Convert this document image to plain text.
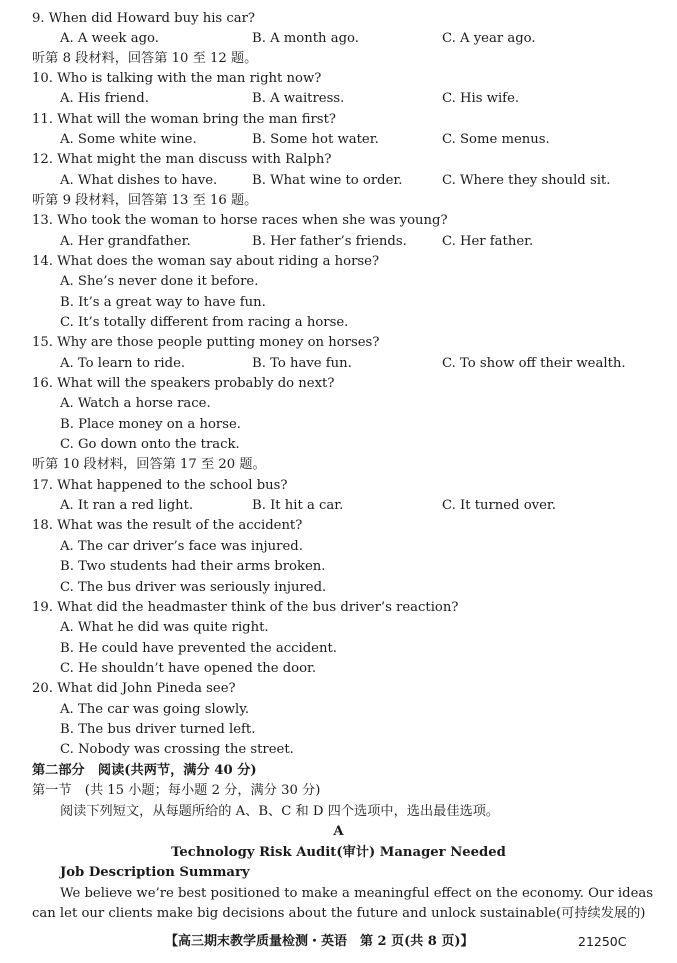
9. When did Howard buy his car?
A. A week ago.	B. A month ago.	C. A year ago.
听第 8 段材料，回答第 10 至 12 题。
10. Who is talking with the man right now?
A. His friend.	B. A waitress.	C. His wife.
11. What will the woman bring the man first?
A. Some white wine.	B. Some hot water.	C. Some menus.
12. What might the man discuss with Ralph?
A. What dishes to have.	B. What wine to order.	C. Where they should sit.
听第 9 段材料，回答第 13 至 16 题。
13. Who took the woman to horse races when she was young?
A. Her grandfather.	B. Her father’s friends.	C. Her father.
14. What does the woman say about riding a horse?
A. She’s never done it before.
B. It’s a great way to have fun.
C. It’s totally different from racing a horse.
15. Why are those people putting money on horses?
A. To learn to ride.	B. To have fun.	C. To show off their wealth.
16. What will the speakers probably do next?
A. Watch a horse race.
B. Place money on a horse.
C. Go down onto the track.
听第 10 段材料，回答第 17 至 20 题。
17. What happened to the school bus?
A. It ran a red light.	B. It hit a car.	C. It turned over.
18. What was the result of the accident?
A. The car driver’s face was injured.
B. Two students had their arms broken.
C. The bus driver was seriously injured.
19. What did the headmaster think of the bus driver’s reaction?
A. What he did was quite right.
B. He could have prevented the accident.
C. He shouldn’t have opened the door.
20. What did John Pineda see?
A. The car was going slowly.
B. The bus driver turned left.
C. Nobody was crossing the street.
第二部分　阅读(共两节，满分 40 分)
第一节　(共 15 小题；每小题 2 分，满分 30 分)
阅读下列短文，从每题所给的 A、B、C 和 D 四个选项中，选出最佳选项。
A
Technology Risk Audit(审计) Manager Needed
Job Description Summary
We believe we’re best positioned to make a meaningful effect on the economy. Our ideas
can let our clients make big decisions about the future and unlock sustainable(可持续发展的)
【高三期末教学质量检测・英语　第 2 页(共 8 页)】	21250C
